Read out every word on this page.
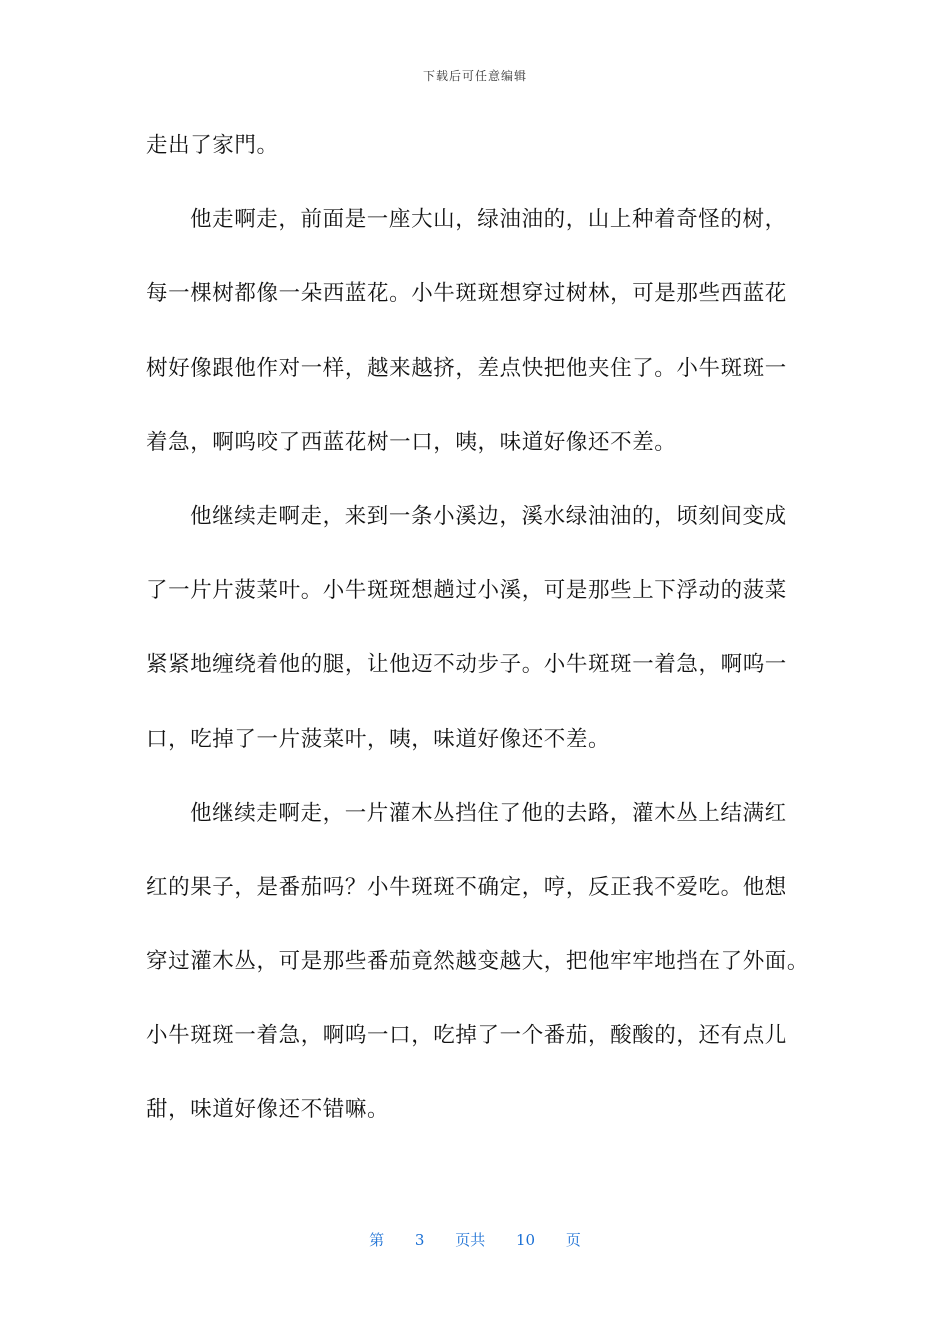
下载后可任意编辑
走出了家門。
他走啊走，前面是一座大山，绿油油的，山上种着奇怪的树，
每一棵树都像一朵西蓝花。小牛斑斑想穿过树林，可是那些西蓝花
树好像跟他作对一样，越来越挤，差点快把他夹住了。小牛斑斑一
着急，啊呜咬了西蓝花树一口，咦，味道好像还不差。
他继续走啊走，来到一条小溪边，溪水绿油油的，顷刻间变成
了一片片菠菜叶。小牛斑斑想趟过小溪，可是那些上下浮动的菠菜
紧紧地缠绕着他的腿，让他迈不动步子。小牛斑斑一着急，啊呜一
口，吃掉了一片菠菜叶，咦，味道好像还不差。
他继续走啊走，一片灌木丛挡住了他的去路，灌木丛上结满红
红的果子，是番茄吗？小牛斑斑不确定，哼，反正我不爱吃。他想
穿过灌木丛，可是那些番茄竟然越变越大，把他牢牢地挡在了外面。
小牛斑斑一着急，啊呜一口，吃掉了一个番茄，酸酸的，还有点儿
甜，味道好像还不错嘛。
第 3 页共 10 页
